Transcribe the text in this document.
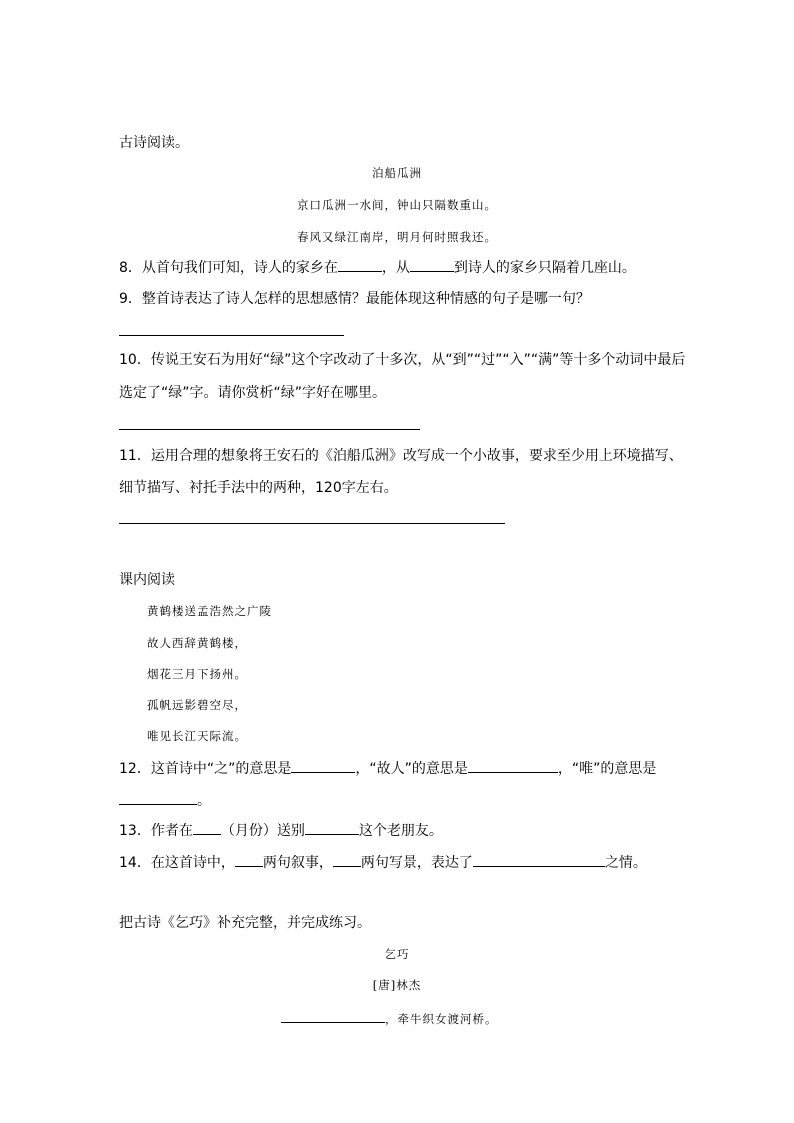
古诗阅读。
泊船瓜洲
京口瓜洲一水间，钟山只隔数重山。
春风又绿江南岸，明月何时照我还。
8．从首句我们可知，诗人的家乡在	，从	到诗人的家乡只隔着几座山。
9．整首诗表达了诗人怎样的思想感情？最能体现这种情感的句子是哪一句？
10．传说王安石为用好“绿”这个字改动了十多次，从“到”“过”“入”“满”等十多个动词中最后
选定了“绿”字。请你赏析“绿”字好在哪里。
11．运用合理的想象将王安石的《泊船瓜洲》改写成一个小故事，要求至少用上环境描写、
细节描写、衬托手法中的两种，120字左右。
课内阅读
黄鹤楼送孟浩然之广陵
故人西辞黄鹤楼，
烟花三月下扬州。
孤帆远影碧空尽，
唯见长江天际流。
12．这首诗中“之”的意思是	，“故人”的意思是	，“唯”的意思是
。
13．作者在 （月份）送别	这个老朋友。
14．在这首诗中， 两句叙事， 两句写景，表达了	之情。
把古诗《乞巧》补充完整，并完成练习。
乞巧
[唐]林杰
，牵牛织女渡河桥。
